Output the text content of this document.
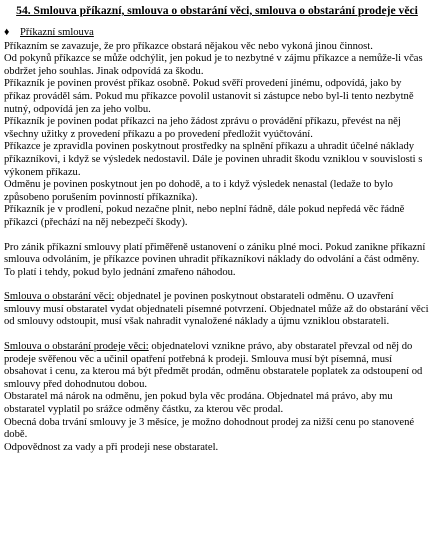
54. Smlouva příkazní, smlouva o obstarání věci, smlouva o obstarání prodeje věci
♦ Příkazní smlouva

Příkazním se zavazuje, že pro příkazce obstará nějakou věc nebo vykoná jinou činnost.

Od pokynů příkazce se může odchýlit, jen pokud je to nezbytné v zájmu příkazce a nemůže-li včas obdržet jeho souhlas. Jinak odpovídá za škodu.

Příkazník je povinen provést příkaz osobně. Pokud svěří provedení jinému, odpovídá, jako by příkaz prováděl sám. Pokud mu příkazce povolil ustanovit si zástupce nebo byl-li tento nezbytně nutný, odpovídá jen za jeho volbu.

Příkazník je povinen podat příkazci na jeho žádost zprávu o provádění příkazu, převést na něj všechny užitky z provedení příkazu a po provedení předložit vyúčtování.

Příkazce je zpravidla povinen poskytnout prostředky na splnění příkazu a uhradit účelné náklady příkazníkovi, i když se výsledek nedostavil. Dále je povinen uhradit škodu vzniklou v souvislosti s výkonem příkazu.

Odměnu je povinen poskytnout jen po dohodě, a to i když výsledek nenastal (ledaže to bylo způsobeno porušením povinností příkazníka).

Příkazník je v prodlení, pokud nezačne plnit, nebo neplní řádně, dále pokud nepředá věc řádně příkazci (přechází na něj nebezpečí škody).

Pro zánik příkazní smlouvy platí přiměřeně ustanovení o zániku plné moci. Pokud zanikne příkazní smlouva odvoláním, je příkazce povinen uhradit příkazníkovi náklady do odvolání a část odměny. To platí i tehdy, pokud bylo jednání zmařeno náhodou.

Smlouva o obstarání věci: objednatel je povinen poskytnout obstarateli odměnu. O uzavření smlouvy musí obstaratel vydat objednateli písemné potvrzení. Objednatel může až do obstarání věci od smlouvy odstoupit, musí však nahradit vynaložené náklady a újmu vzniklou obstarateli.

Smlouva o obstarání prodeje věci: objednatelovi vznikne právo, aby obstaratel převzal od něj do prodeje svěřenou věc a učinil opatření potřebná k prodeji. Smlouva musí být písemná, musí obsahovat i cenu, za kterou má být předmět prodán, odměnu obstaratele poplatek za odstoupení od smlouvy před dohodnutou dobou.

Obstaratel má nárok na odměnu, jen pokud byla věc prodána. Objednatel má právo, aby mu obstaratel vyplatil po srážce odměny částku, za kterou věc prodal.

Obecná doba trvání smlouvy je 3 měsíce, je možno dohodnout prodej za nižší cenu po stanovené době.

Odpovědnost za vady a při prodeji nese obstaratel.
